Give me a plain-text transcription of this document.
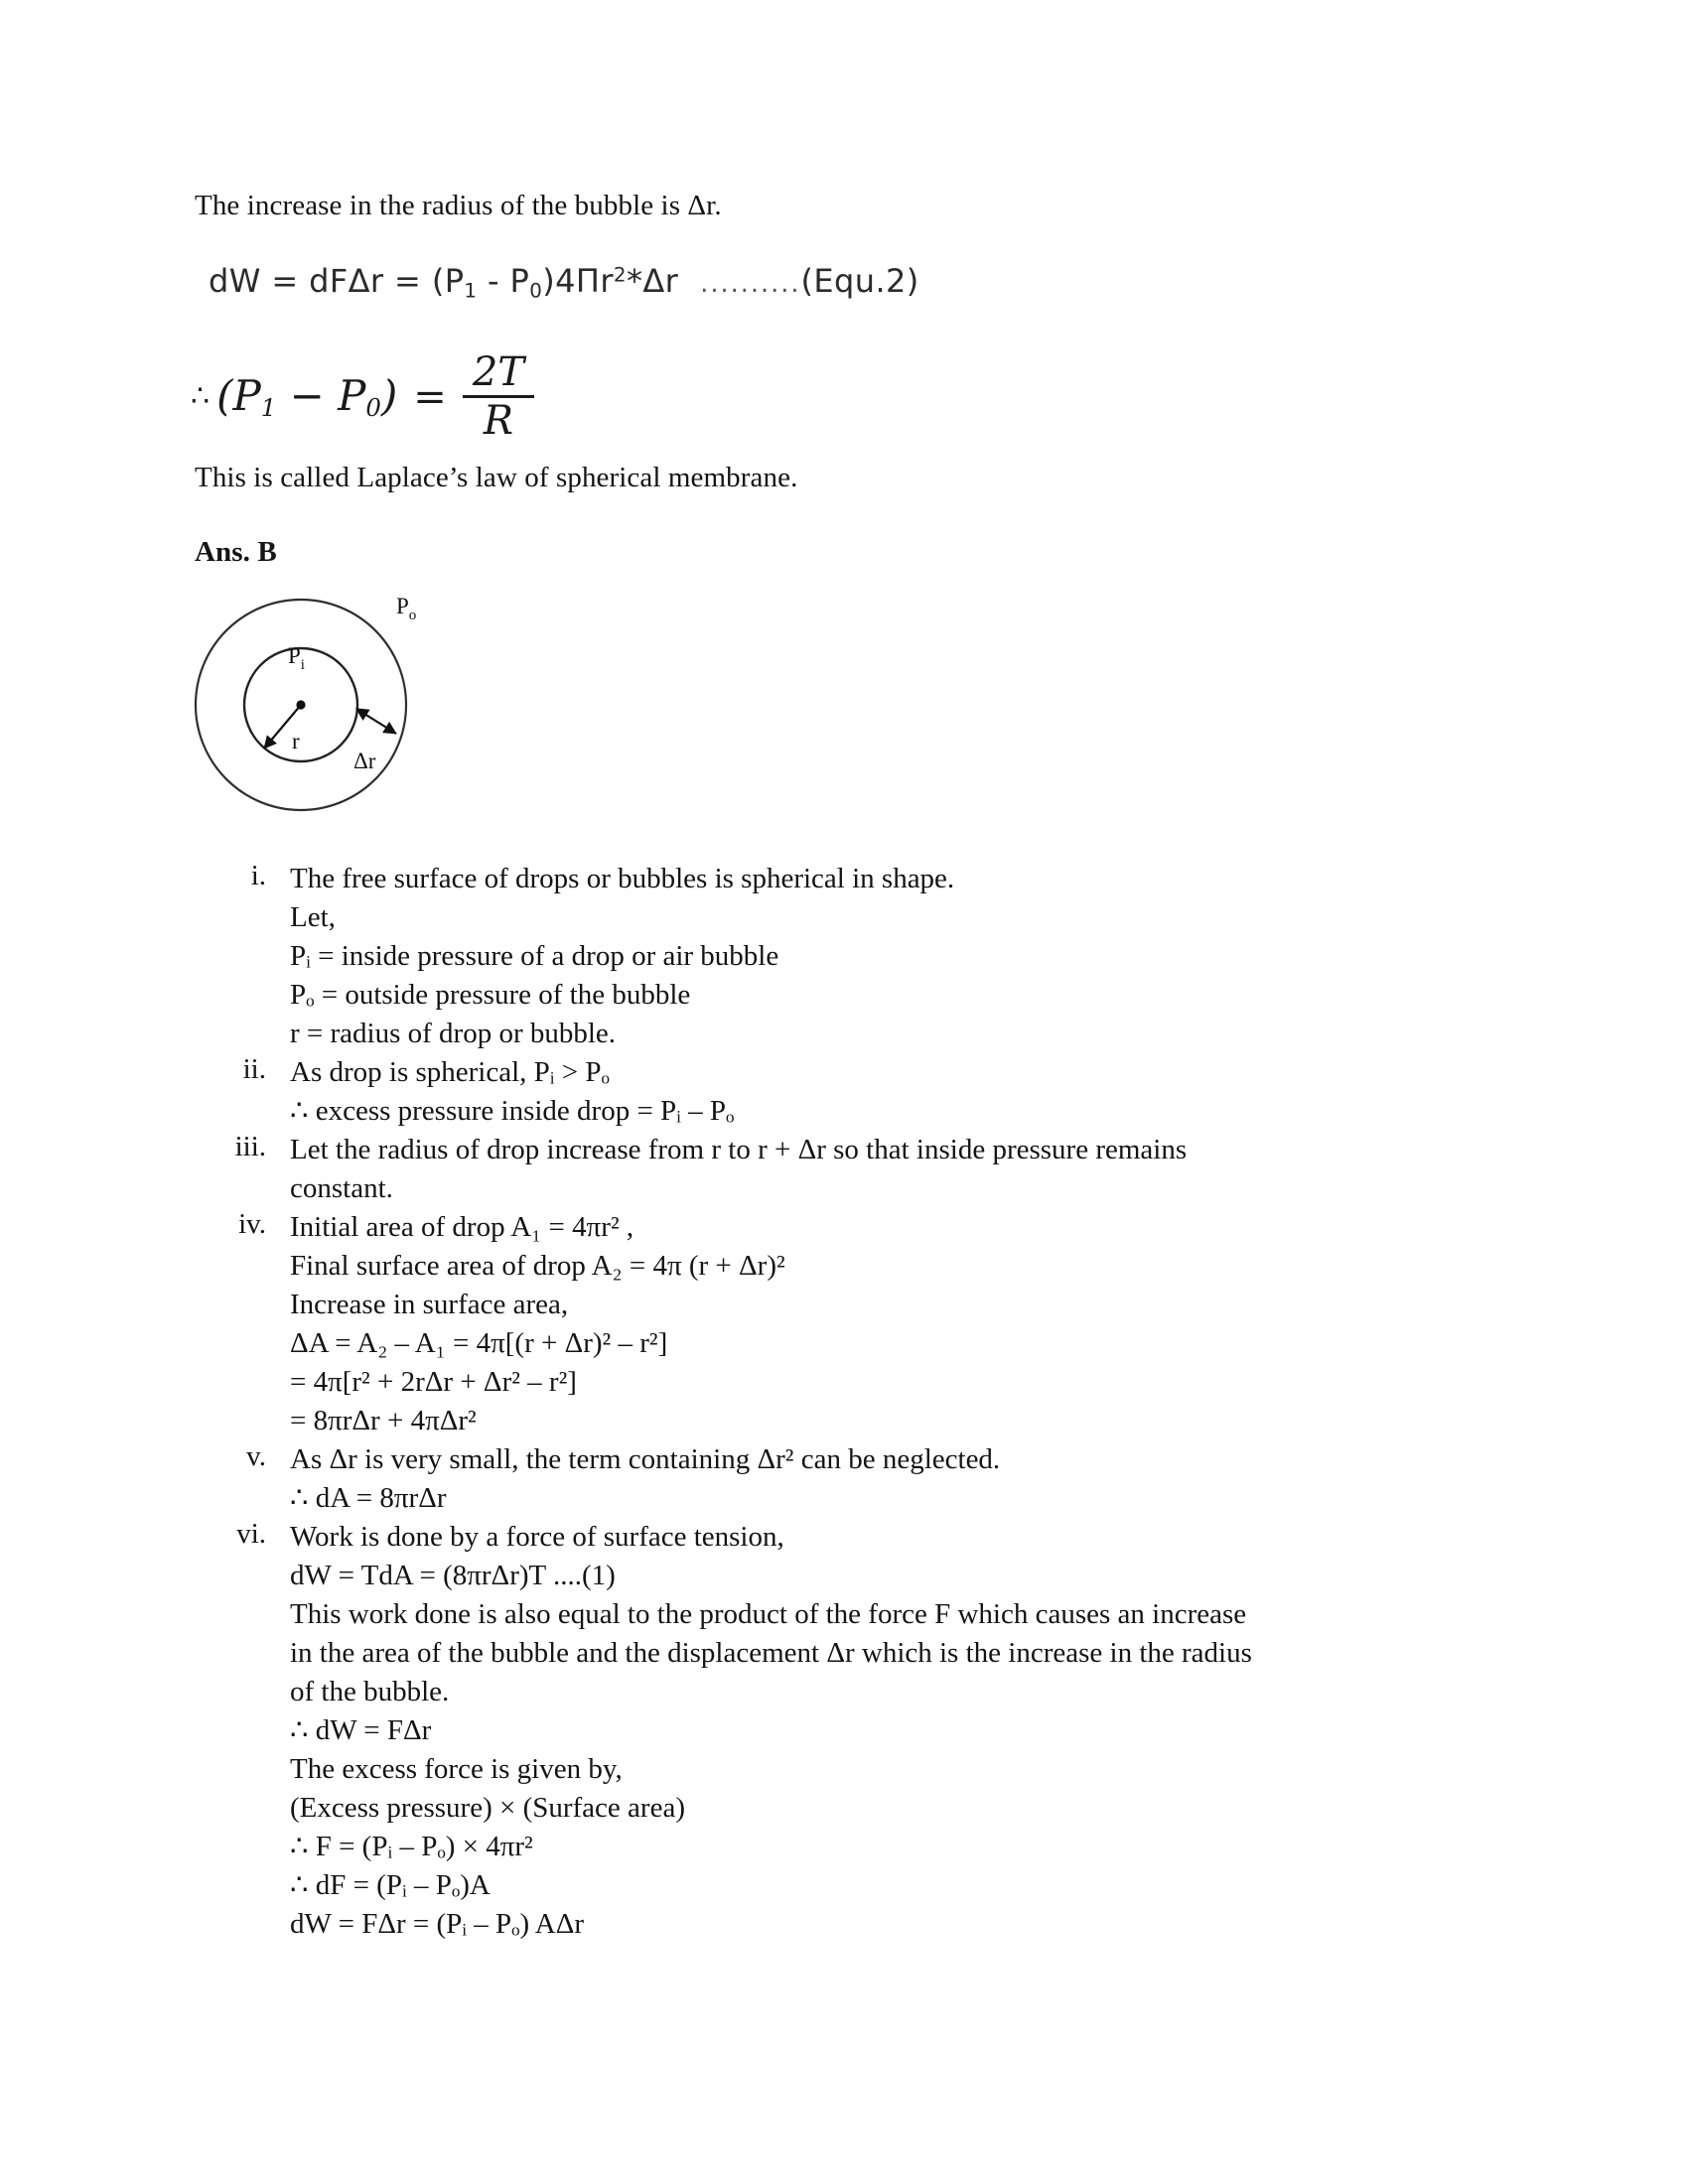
The increase in the radius of the bubble is Δr.
dW = $dF\Delta r = (P_1 - P_0)4\Pi r^2*\Delta r$ ..........(Equ.2)
∴ $(P_1 - P_0) = \frac{2T}{R}$
This is called Laplace’s law of spherical membrane.
Ans. B
$P_o$
$P_i$
r
Δr
i. The free surface of drops or bubbles is spherical in shape.
Let,
Pᵢ = inside pressure of a drop or air bubble
Pₒ = outside pressure of the bubble
r = radius of drop or bubble.
ii. As drop is spherical, Pᵢ > Pₒ
∴ excess pressure inside drop = Pᵢ – Pₒ
iii. Let the radius of drop increase from r to r + Δr so that inside pressure remains
constant.
iv. Initial area of drop A₁ = 4πr² ,
Final surface area of drop A₂ = 4π (r + Δr)²
Increase in surface area,
ΔA = A₂ – A₁ = 4π[(r + Δr)² – r²]
= 4π[r² + 2rΔr + Δr² – r²]
= 8πrΔr + 4πΔr²
v. As Δr is very small, the term containing Δr² can be neglected.
∴ dA = 8πrΔr
vi. Work is done by a force of surface tension,
dW = TdA = (8πrΔr)T ....(1)
This work done is also equal to the product of the force F which causes an increase
in the area of the bubble and the displacement Δr which is the increase in the radius
of the bubble.
∴ dW = FΔr
The excess force is given by,
(Excess pressure) × (Surface area)
∴ F = (Pᵢ – Pₒ) × 4πr²
∴ dF = (Pᵢ – Pₒ)A
dW = FΔr = (Pᵢ – Pₒ) AΔr
